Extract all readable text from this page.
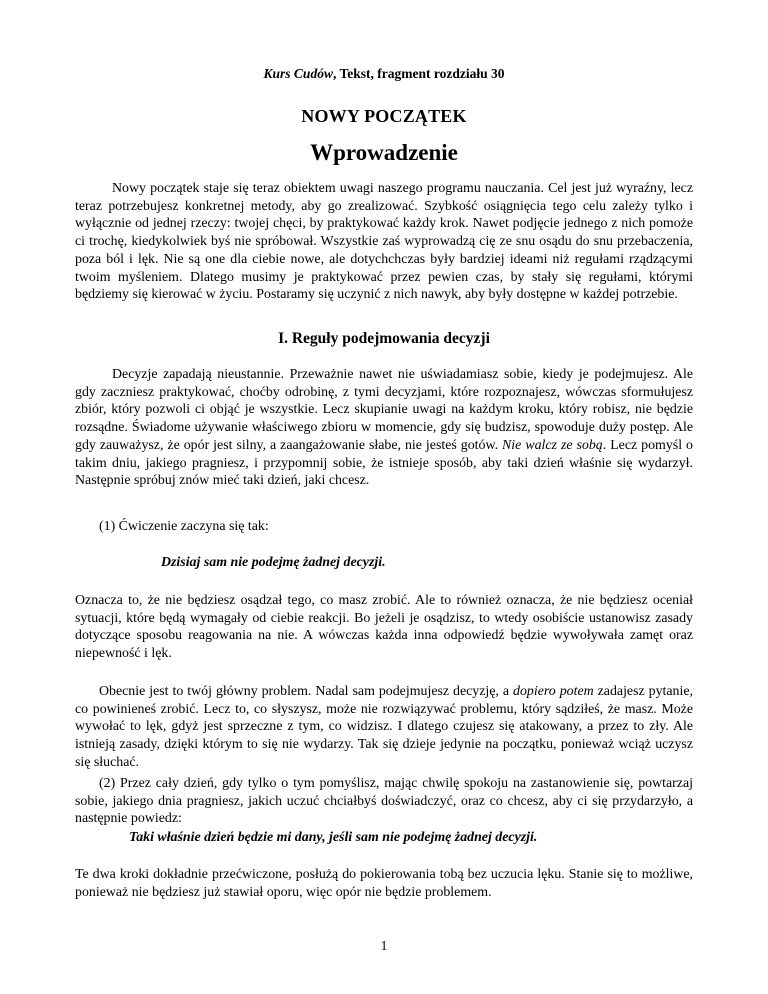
Kurs Cudów, Tekst, fragment rozdziału 30
NOWY POCZĄTEK
Wprowadzenie

Nowy początek staje się teraz obiektem uwagi naszego programu nauczania. Cel jest już wyraźny, lecz teraz potrzebujesz konkretnej metody, aby go zrealizować. Szybkość osiągnięcia tego celu zależy tylko i wyłącznie od jednej rzeczy: twojej chęci, by praktykować każdy krok. Nawet podjęcie jednego z nich pomoże ci trochę, kiedykolwiek byś nie spróbował. Wszystkie zaś wyprowadzą cię ze snu osądu do snu przebaczenia, poza ból i lęk. Nie są one dla ciebie nowe, ale dotychchczas były bardziej ideami niż regułami rządzącymi twoim myśleniem. Dlatego musimy je praktykować przez pewien czas, by stały się regułami, którymi będziemy się kierować w życiu. Postaramy się uczynić z nich nawyk, aby były dostępne w każdej potrzebie.

I. Reguły podejmowania decyzji

Decyzje zapadają nieustannie. Przeważnie nawet nie uświadamiasz sobie, kiedy je podejmujesz. Ale gdy zaczniesz praktykować, choćby odrobinę, z tymi decyzjami, które rozpoznajesz, wówczas sformułujesz zbiór, który pozwoli ci objąć je wszystkie. Lecz skupianie uwagi na każdym kroku, który robisz, nie będzie rozsądne. Świadome używanie właściwego zbioru w momencie, gdy się budzisz, spowoduje duży postęp. Ale gdy zauważysz, że opór jest silny, a zaangażowanie słabe, nie jesteś gotów. Nie walcz ze sobą. Lecz pomyśl o takim dniu, jakiego pragniesz, i przypomnij sobie, że istnieje sposób, aby taki dzień właśnie się wydarzył. Następnie spróbuj znów mieć taki dzień, jaki chcesz.

(1) Ćwiczenie zaczyna się tak:

Dzisiaj sam nie podejmę żadnej decyzji.

Oznacza to, że nie będziesz osądzał tego, co masz zrobić. Ale to również oznacza, że nie będziesz oceniał sytuacji, które będą wymagały od ciebie reakcji. Bo jeżeli je osądzisz, to wtedy osobiście ustanowisz zasady dotyczące sposobu reagowania na nie. A wówczas każda inna odpowiedź będzie wywoływała zamęt oraz niepewność i lęk.

Obecnie jest to twój główny problem. Nadal sam podejmujesz decyzję, a dopiero potem zadajesz pytanie, co powinieneś zrobić. Lecz to, co słyszysz, może nie rozwiązywać problemu, który sądziłeś, że masz. Może wywołać to lęk, gdyż jest sprzeczne z tym, co widzisz. I dlatego czujesz się atakowany, a przez to zły. Ale istnieją zasady, dzięki którym to się nie wydarzy. Tak się dzieje jedynie na początku, ponieważ wciąż uczysz się słuchać.

(2) Przez cały dzień, gdy tylko o tym pomyślisz, mając chwilę spokoju na zastanowienie się, powtarzaj sobie, jakiego dnia pragniesz, jakich uczuć chciałbyś doświadczyć, oraz co chcesz, aby ci się przydarzyło, a następnie powiedz:

Taki właśnie dzień będzie mi dany, jeśli sam nie podejmę żadnej decyzji.

Te dwa kroki dokładnie przećwiczone, posłużą do pokierowania tobą bez uczucia lęku. Stanie się to możliwe, ponieważ nie będziesz już stawiał oporu, więc opór nie będzie problemem.

1
